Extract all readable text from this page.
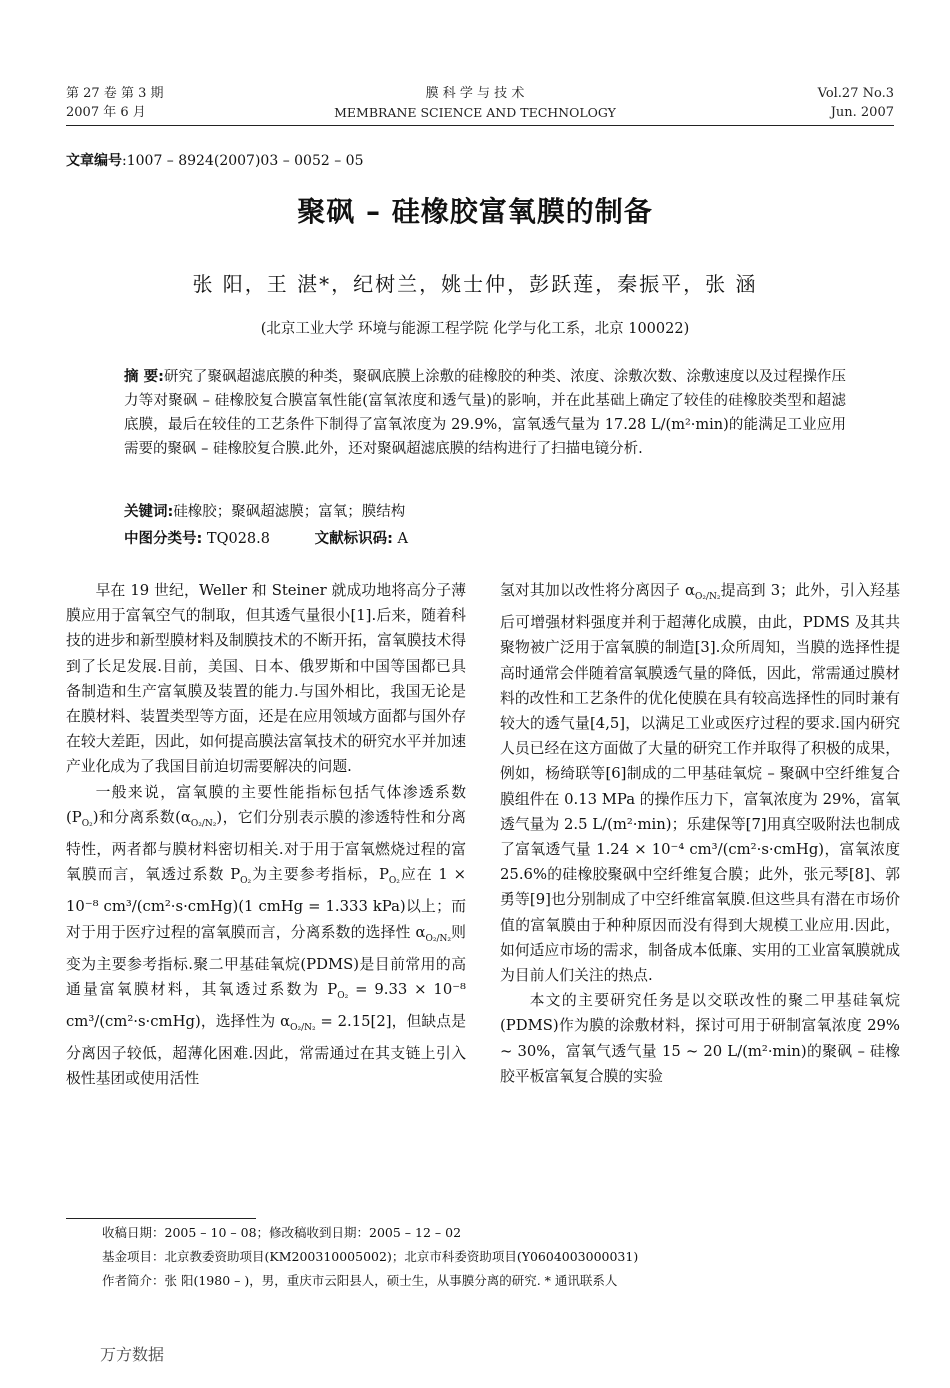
第 27 卷 第 3 期
2007 年 6 月
膜 科 学 与 技 术
MEMBRANE SCIENCE AND TECHNOLOGY
Vol.27 No.3
Jun. 2007
文章编号:1007 – 8924(2007)03 – 0052 – 05
聚砜 – 硅橡胶富氧膜的制备
张 阳，王 湛*，纪树兰，姚士仲，彭跃莲，秦振平，张 涵
(北京工业大学 环境与能源工程学院 化学与化工系，北京 100022)
摘 要:研究了聚砜超滤底膜的种类，聚砜底膜上涂敷的硅橡胶的种类、浓度、涂敷次数、涂敷速度以及过程操作压力等对聚砜 – 硅橡胶复合膜富氧性能(富氧浓度和透气量)的影响，并在此基础上确定了较佳的硅橡胶类型和超滤底膜，最后在较佳的工艺条件下制得了富氧浓度为 29.9%，富氧透气量为 17.28 L/(m²·min)的能满足工业应用需要的聚砜 – 硅橡胶复合膜.此外，还对聚砜超滤底膜的结构进行了扫描电镜分析.
关键词:硅橡胶；聚砜超滤膜；富氧；膜结构
中图分类号: TQ028.8	文献标识码: A

早在 19 世纪，Weller 和 Steiner 就成功地将高分子薄膜应用于富氧空气的制取，但其透气量很小[1].后来，随着科技的进步和新型膜材料及制膜技术的不断开拓，富氧膜技术得到了长足发展.目前，美国、日本、俄罗斯和中国等国都已具备制造和生产富氧膜及装置的能力.与国外相比，我国无论是在膜材料、装置类型等方面，还是在应用领域方面都与国外存在较大差距，因此，如何提高膜法富氧技术的研究水平并加速产业化成为了我国目前迫切需要解决的问题.

一般来说，富氧膜的主要性能指标包括气体渗透系数$(P_{O_2})$和分离系数$(\alpha_{O_2/N_2})$，它们分别表示膜的渗透特性和分离特性，两者都与膜材料密切相关.对于用于富氧燃烧过程的富氧膜而言，氧透过系数 $P_{O_2}$为主要参考指标，$P_{O_2}$应在 1 × 10⁻⁸ cm³/(cm²·s·cmHg)(1 cmHg = 1.333 kPa)以上；而对于用于医疗过程的富氧膜而言，分离系数的选择性 $\alpha_{O_2/N_2}$则变为主要参考指标.聚二甲基硅氧烷(PDMS)是目前常用的高通量富氧膜材料，其氧透过系数为 $P_{O_2} = 9.33 \times 10^{-8}$ cm³/(cm²·s·cmHg)，选择性为 $\alpha_{O_2/N_2} = 2.15[2]$，但缺点是分离因子较低，超薄化困难.因此，常需通过在其支链上引入极性基团或使用活性

氢对其加以改性将分离因子 $\alpha_{O_2/N_2}$提高到 3；此外，引入羟基后可增强材料强度并利于超薄化成膜，由此，PDMS 及其共聚物被广泛用于富氧膜的制造[3].众所周知，当膜的选择性提高时通常会伴随着富氧膜透气量的降低，因此，常需通过膜材料的改性和工艺条件的优化使膜在具有较高选择性的同时兼有较大的透气量[4,5]，以满足工业或医疗过程的要求.国内研究人员已经在这方面做了大量的研究工作并取得了积极的成果，例如，杨绮联等[6]制成的二甲基硅氧烷 – 聚砜中空纤维复合膜组件在 0.13 MPa 的操作压力下，富氧浓度为 29%，富氧透气量为 2.5 L/(m²·min)；乐建保等[7]用真空吸附法也制成了富氧透气量 1.24 × 10⁻⁴ cm³/(cm²·s·cmHg)，富氧浓度 25.6%的硅橡胶聚砜中空纤维复合膜；此外，张元琴[8]、郭勇等[9]也分别制成了中空纤维富氧膜.但这些具有潜在市场价值的富氧膜由于种种原因而没有得到大规模工业应用.因此，如何适应市场的需求，制备成本低廉、实用的工业富氧膜就成为目前人们关注的热点.

本文的主要研究任务是以交联改性的聚二甲基硅氧烷(PDMS)作为膜的涂敷材料，探讨可用于研制富氧浓度 29% ~ 30%，富氧气透气量 15 ~ 20 L/(m²·min)的聚砜 – 硅橡胶平板富氧复合膜的实验

收稿日期：2005 – 10 – 08；修改稿收到日期：2005 – 12 – 02
基金项目：北京教委资助项目(KM200310005002)；北京市科委资助项目(Y0604003000031)
作者简介：张 阳(1980 – )，男，重庆市云阳县人，硕士生，从事膜分离的研究. * 通讯联系人
万方数据
